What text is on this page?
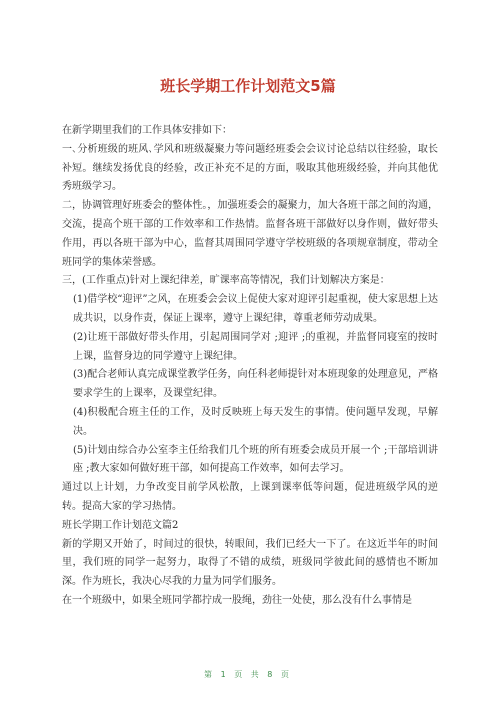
班长学期工作计划范文5篇

在新学期里我们的工作具体安排如下：

一､分析班级的班风､学风和班级凝聚力等问题经班委会会议讨论总结以往经验，取长补短。继续发扬优良的经验，改正补充不足的方面，吸取其他班级经验，并向其他优秀班级学习。

二，协调管理好班委会的整体性。，加强班委会的凝聚力，加大各班干部之间的沟通，交流，提高个班干部的工作效率和工作热情。监督各班干部做好以身作则，做好带头作用，再以各班干部为中心，监督其周围同学遵守学校班级的各项规章制度，带动全班同学的集体荣誉感。

三，(工作重点)针对上课纪律差，旷课率高等情况，我们计划解决方案是：

(1)借学校“迎评”之风，在班委会会议上促使大家对迎评引起重视，使大家思想上达成共识，以身作责，保证上课率，遵守上课纪律，尊重老师劳动成果。

(2)让班干部做好带头作用，引起周围同学对 ;迎评 ;的重视，并监督同寝室的按时上课，监督身边的同学遵守上课纪律。

(3)配合老师认真完成课堂教学任务，向任科老师提针对本班现象的处理意见，严格要求学生的上课率，及课堂纪律。

(4)积极配合班主任的工作，及时反映班上每天发生的事情。使问题早发现，早解决。

(5)计划由综合办公室李主任给我们几个班的所有班委会成员开展一个 ;干部培训讲座 ;教大家如何做好班干部，如何提高工作效率，如何去学习。

通过以上计划，力争改变目前学风松散，上课到课率低等问题，促进班级学风的逆转。提高大家的学习热情。

班长学期工作计划范文篇2

新的学期又开始了，时间过的很快，转眼间，我们已经大一下了。在这近半年的时间里，我们班的同学一起努力，取得了不错的成绩，班级同学彼此间的感情也不断加深。作为班长，我决心尽我的力量为同学们服务。

在一个班级中，如果全班同学都拧成一股绳，劲往一处使，那么没有什么事情是

第 1 页 共 8 页
